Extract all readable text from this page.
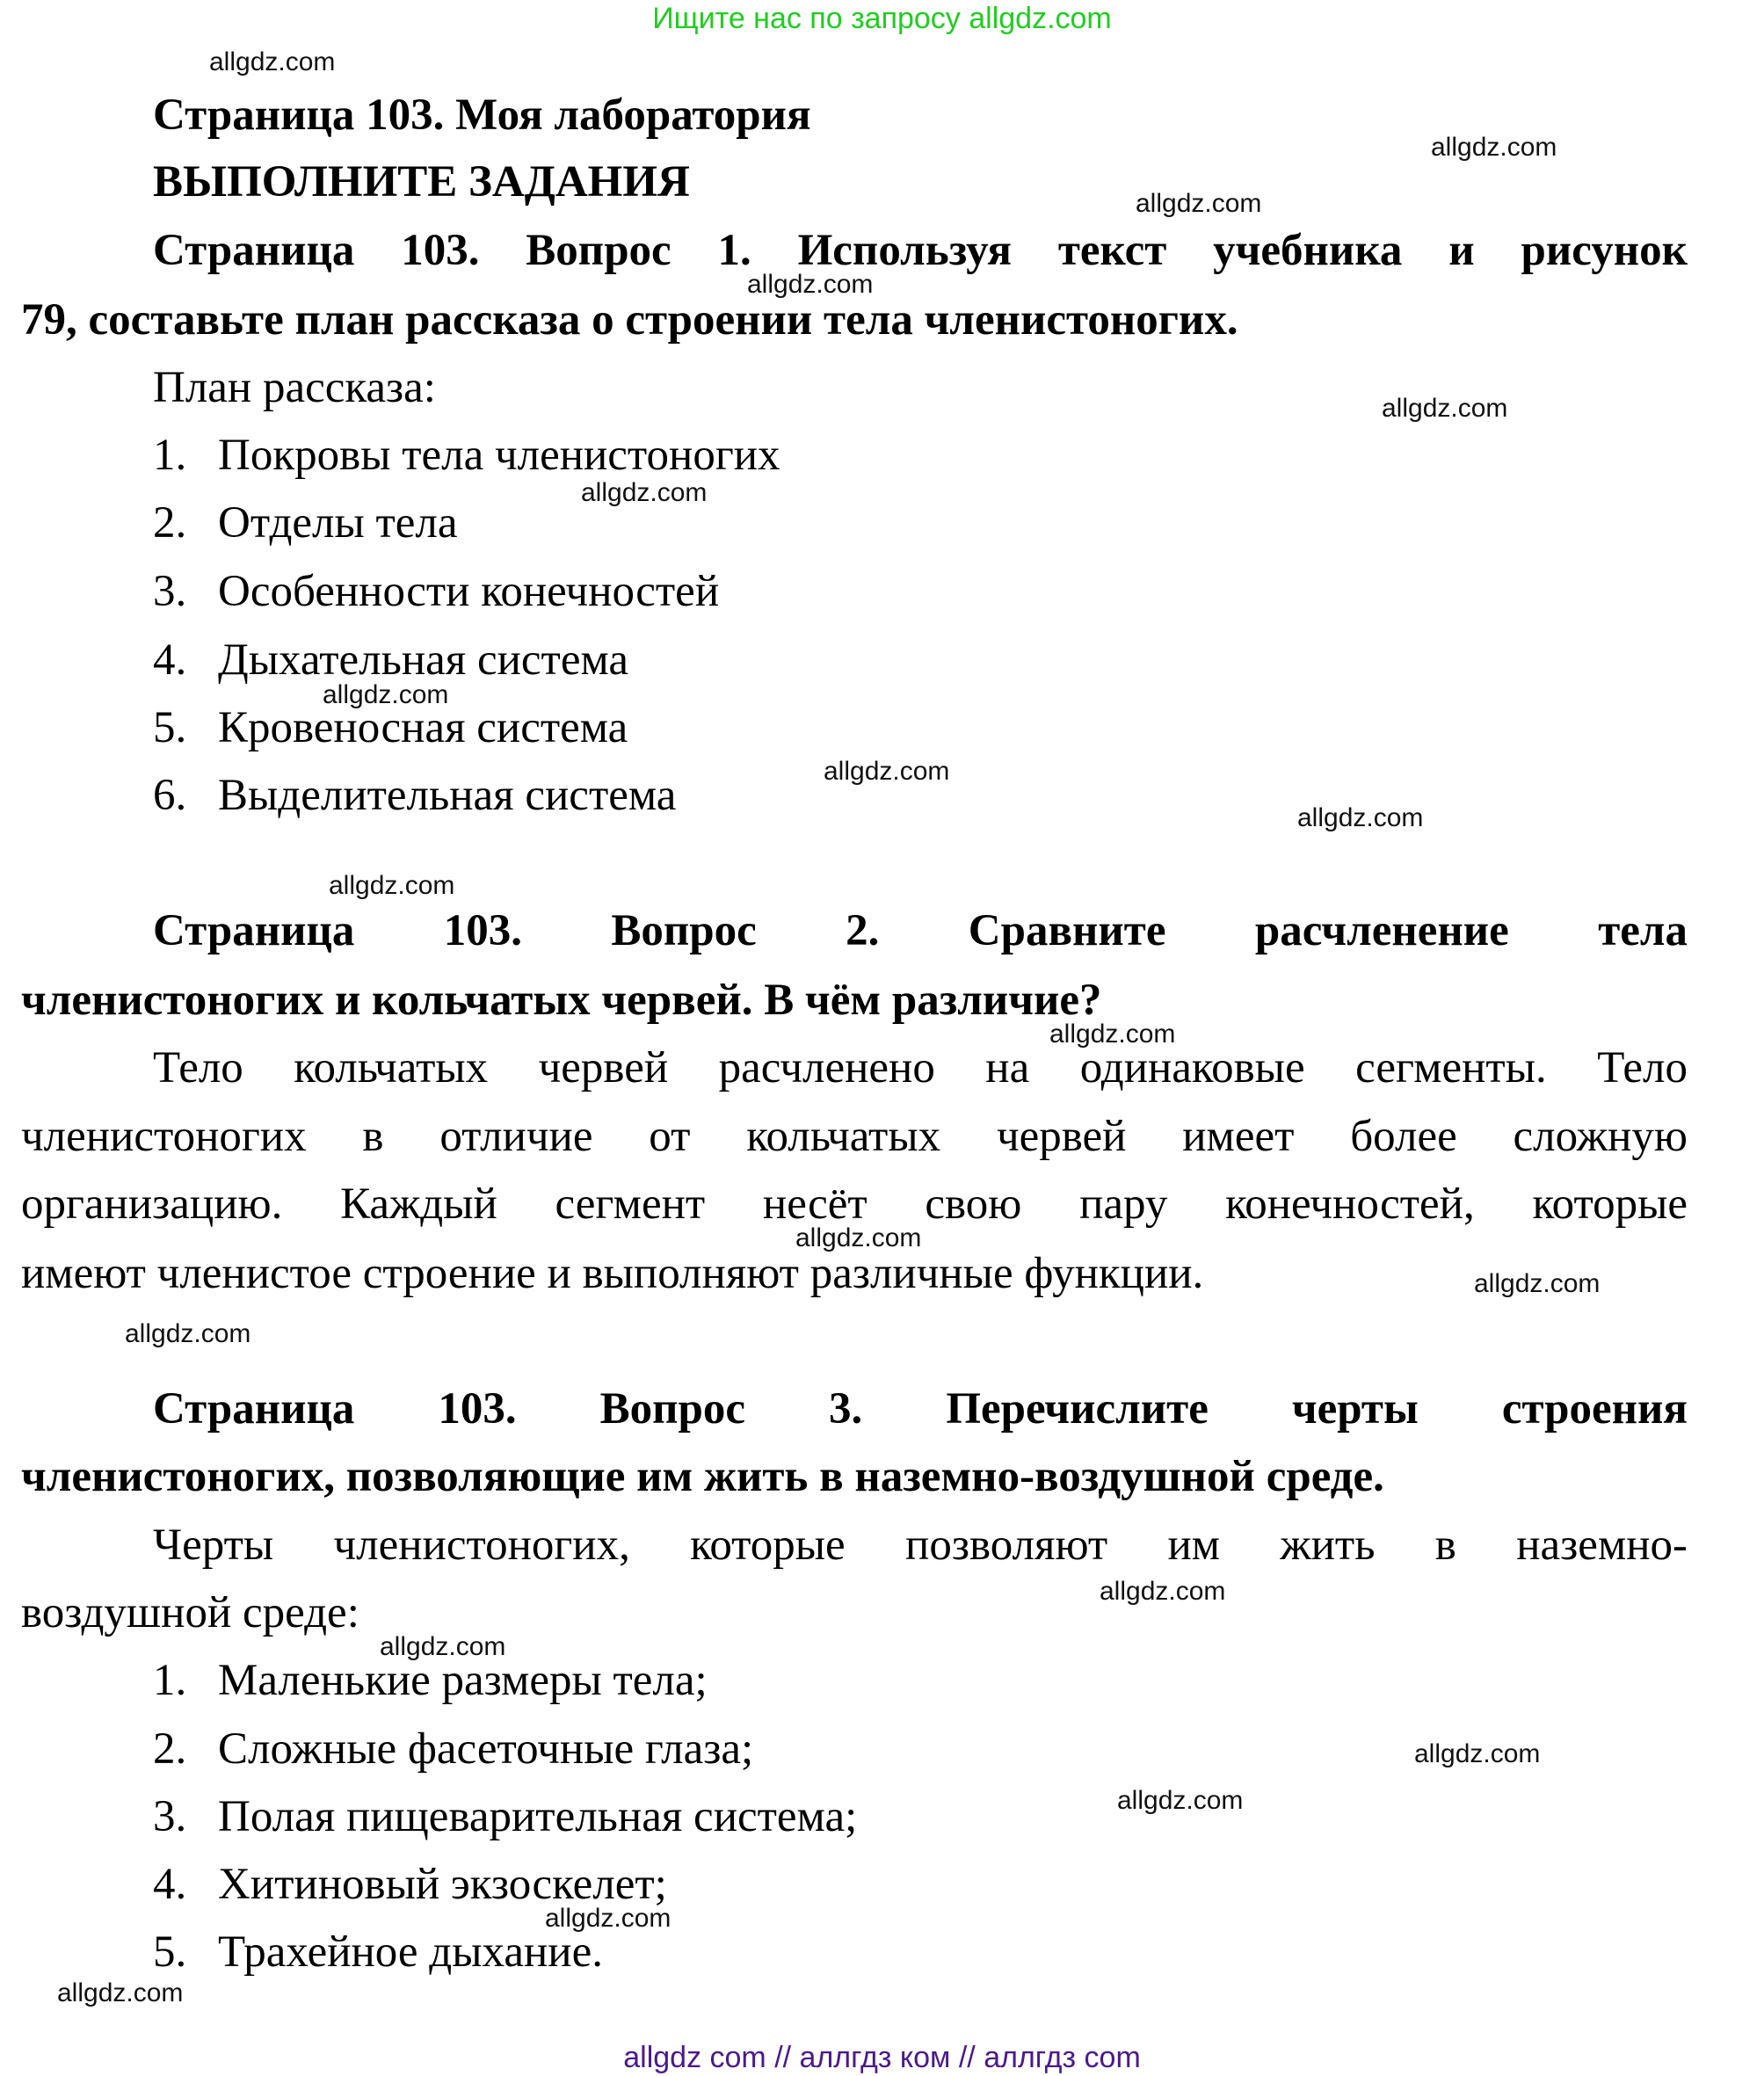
Ищите нас по запросу allgdz.com
Страница 103. Моя лаборатория
ВЫПОЛНИТЕ ЗАДАНИЯ
Страница 103. Вопрос 1. Используя текст учебника и рисунок
79, составьте план рассказа о строении тела членистоногих.
План рассказа:
1. Покровы тела членистоногих
2. Отделы тела
3. Особенности конечностей
4. Дыхательная система
5. Кровеносная система
6. Выделительная система
Страница 103. Вопрос 2. Сравните расчленение тела
членистоногих и кольчатых червей. В чём различие?
Тело кольчатых червей расчленено на одинаковые сегменты. Тело
членистоногих в отличие от кольчатых червей имеет более сложную
организацию. Каждый сегмент несёт свою пару конечностей, которые
имеют членистое строение и выполняют различные функции.
Страница 103. Вопрос 3. Перечислите черты строения
членистоногих, позволяющие им жить в наземно-воздушной среде.
Черты членистоногих, которые позволяют им жить в наземно-
воздушной среде:
1. Маленькие размеры тела;
2. Сложные фасеточные глаза;
3. Полая пищеварительная система;
4. Хитиновый экзоскелет;
5. Трахейное дыхание.
allgdz.com
allgdz.com
allgdz.com
allgdz.com
allgdz.com
allgdz.com
allgdz.com
allgdz.com
allgdz.com
allgdz.com
allgdz.com
allgdz.com
allgdz.com
allgdz.com
allgdz.com
allgdz.com
allgdz.com
allgdz.com
allgdz.com
allgdz.com
allgdz com // аллгдз ком // аллгдз com
